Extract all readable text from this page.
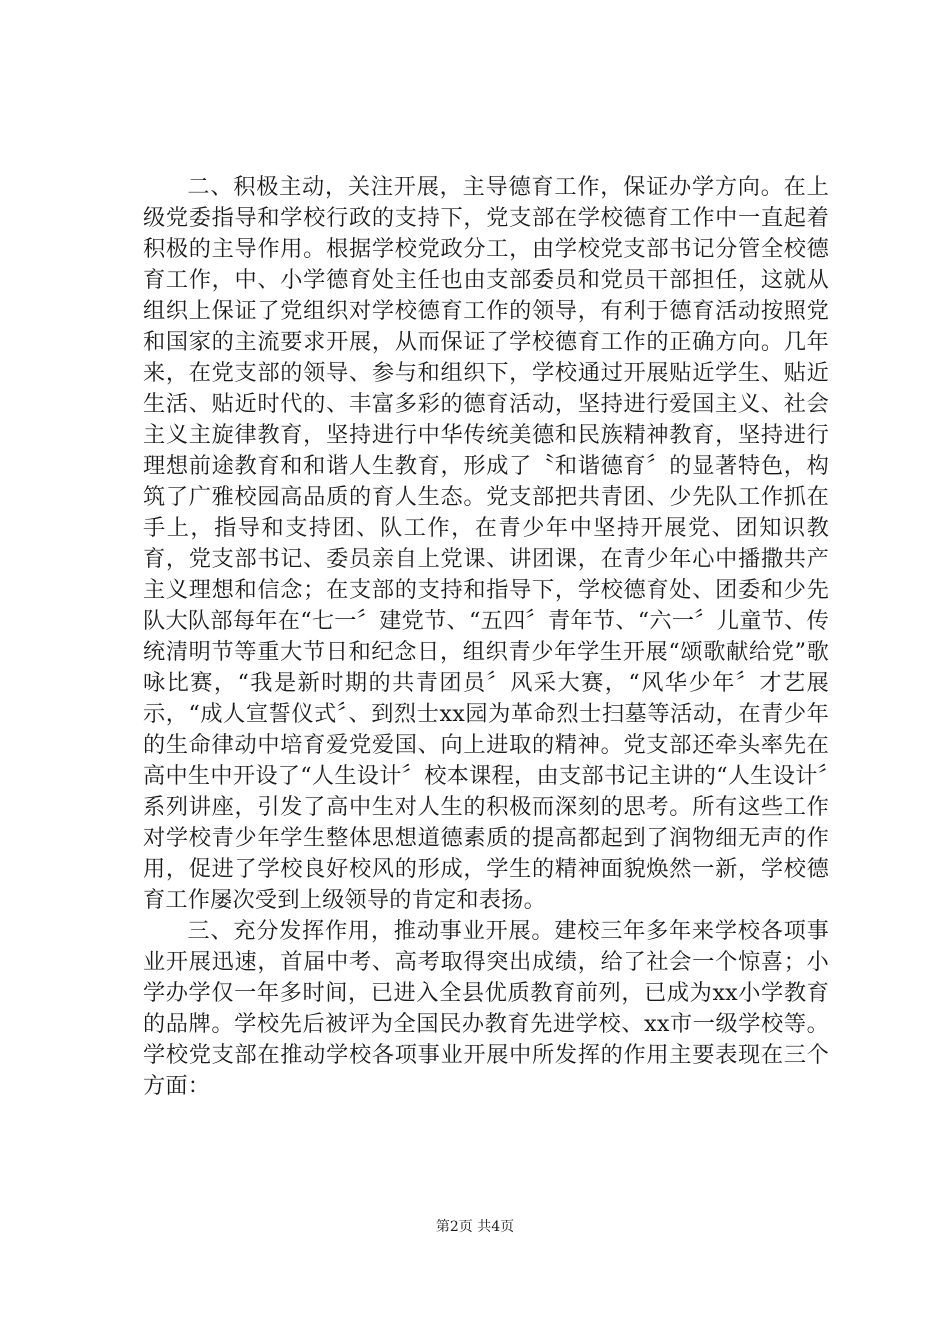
二、积极主动，关注开展，主导德育工作，保证办学方向。在上级党委指导和学校行政的支持下，党支部在学校德育工作中一直起着积极的主导作用。根据学校党政分工，由学校党支部书记分管全校德育工作，中、小学德育处主任也由支部委员和党员干部担任，这就从组织上保证了党组织对学校德育工作的领导，有利于德育活动按照党和国家的主流要求开展，从而保证了学校德育工作的正确方向。几年来，在党支部的领导、参与和组织下，学校通过开展贴近学生、贴近生活、贴近时代的、丰富多彩的德育活动，坚持进行爱国主义、社会主义主旋律教育，坚持进行中华传统美德和民族精神教育，坚持进行理想前途教育和和谐人生教育，形成了〝和谐德育〞的显著特色，构筑了广雅校园高品质的育人生态。党支部把共青团、少先队工作抓在手上，指导和支持团、队工作，在青少年中坚持开展党、团知识教育，党支部书记、委员亲自上党课、讲团课，在青少年心中播撒共产主义理想和信念；在支部的支持和指导下，学校德育处、团委和少先队大队部每年在“七一〞建党节、“五四〞青年节、“六一〞儿童节、传统清明节等重大节日和纪念日，组织青少年学生开展“颂歌献给党”歌咏比赛，“我是新时期的共青团员〞风采大赛，“风华少年〞才艺展示，“成人宣誓仪式〞、到烈士xx园为革命烈士扫墓等活动，在青少年的生命律动中培育爱党爱国、向上进取的精神。党支部还牵头率先在高中生中开设了“人生设计〞校本课程，由支部书记主讲的“人生设计〞系列讲座，引发了高中生对人生的积极而深刻的思考。所有这些工作对学校青少年学生整体思想道德素质的提高都起到了润物细无声的作用，促进了学校良好校风的形成，学生的精神面貌焕然一新，学校德育工作屡次受到上级领导的肯定和表扬。

三、充分发挥作用，推动事业开展。建校三年多年来学校各项事业开展迅速，首届中考、高考取得突出成绩，给了社会一个惊喜；小学办学仅一年多时间，已进入全县优质教育前列，已成为xx小学教育的品牌。学校先后被评为全国民办教育先进学校、xx市一级学校等。学校党支部在推动学校各项事业开展中所发挥的作用主要表现在三个方面：

第2页 共4页
